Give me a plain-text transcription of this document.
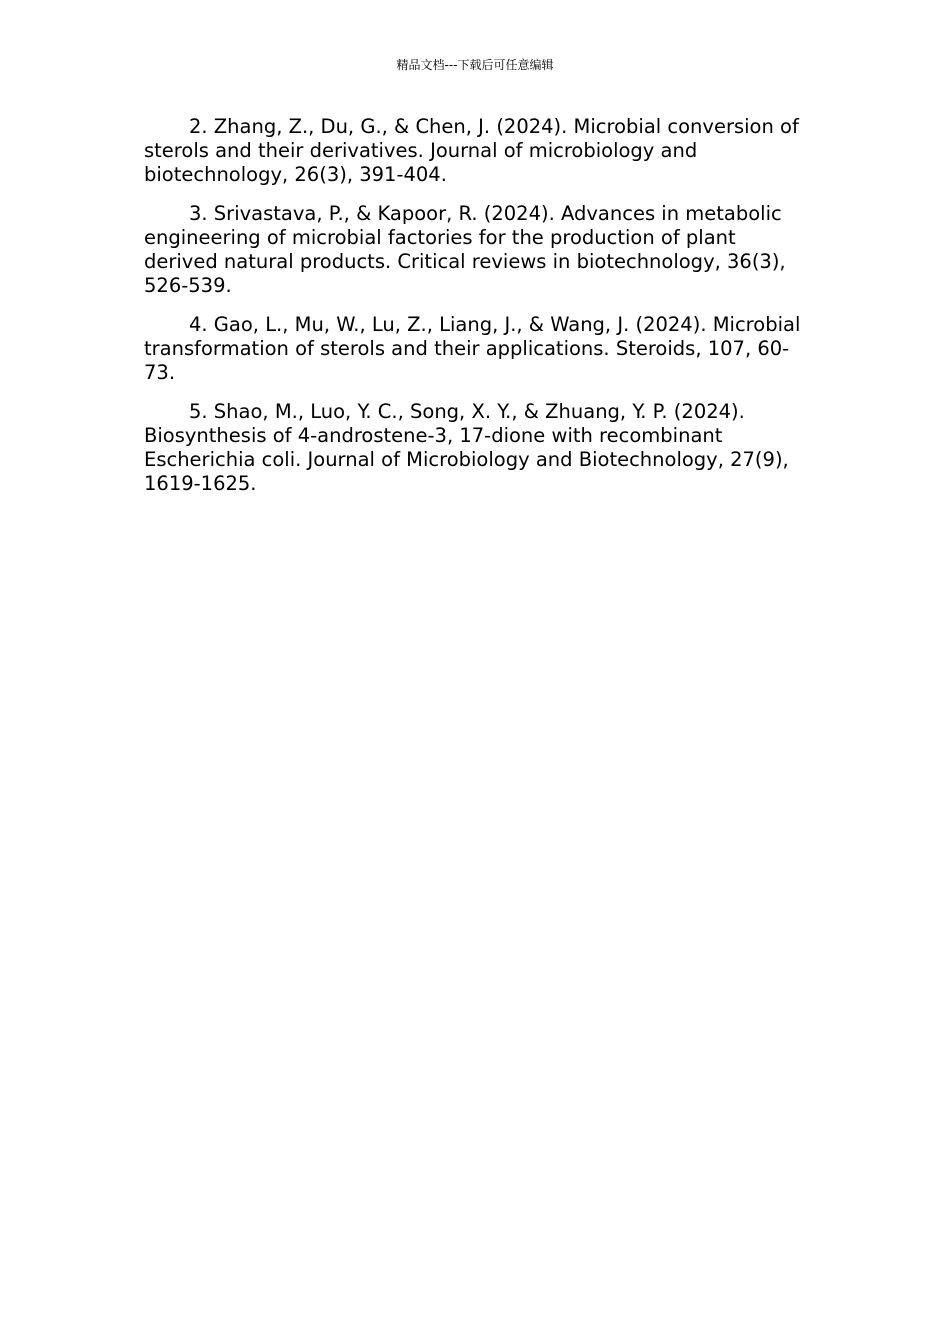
精品文档---下载后可任意编辑

2. Zhang, Z., Du, G., & Chen, J. (2024). Microbial conversion of sterols and their derivatives. Journal of microbiology and biotechnology, 26(3), 391-404.

3. Srivastava, P., & Kapoor, R. (2024). Advances in metabolic engineering of microbial factories for the production of plant derived natural products. Critical reviews in biotechnology, 36(3), 526-539.

4. Gao, L., Mu, W., Lu, Z., Liang, J., & Wang, J. (2024). Microbial transformation of sterols and their applications. Steroids, 107, 60-73.

5. Shao, M., Luo, Y. C., Song, X. Y., & Zhuang, Y. P. (2024). Biosynthesis of 4-androstene-3, 17-dione with recombinant Escherichia coli. Journal of Microbiology and Biotechnology, 27(9), 1619-1625.
